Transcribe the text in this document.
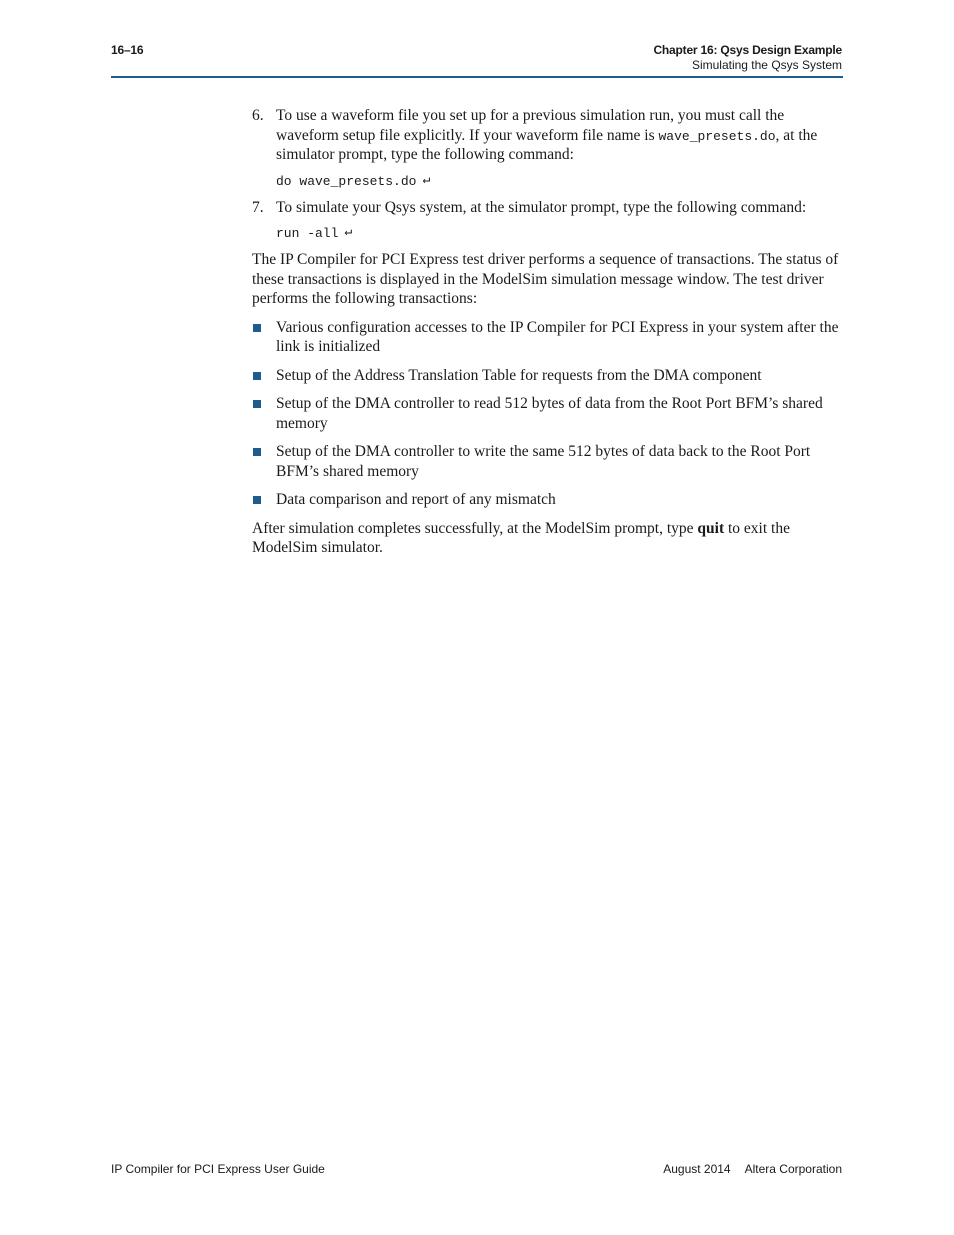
16–16	Chapter 16: Qsys Design Example
Simulating the Qsys System
6. To use a waveform file you set up for a previous simulation run, you must call the waveform setup file explicitly. If your waveform file name is wave_presets.do, at the simulator prompt, type the following command:
do wave_presets.do ↵
7. To simulate your Qsys system, at the simulator prompt, type the following command:
run -all ↵

The IP Compiler for PCI Express test driver performs a sequence of transactions. The status of these transactions is displayed in the ModelSim simulation message window. The test driver performs the following transactions:

Various configuration accesses to the IP Compiler for PCI Express in your system after the link is initialized
Setup of the Address Translation Table for requests from the DMA component
Setup of the DMA controller to read 512 bytes of data from the Root Port BFM’s shared memory
Setup of the DMA controller to write the same 512 bytes of data back to the Root Port BFM’s shared memory
Data comparison and report of any mismatch

After simulation completes successfully, at the ModelSim prompt, type quit to exit the ModelSim simulator.

IP Compiler for PCI Express User Guide	August 2014 Altera Corporation
